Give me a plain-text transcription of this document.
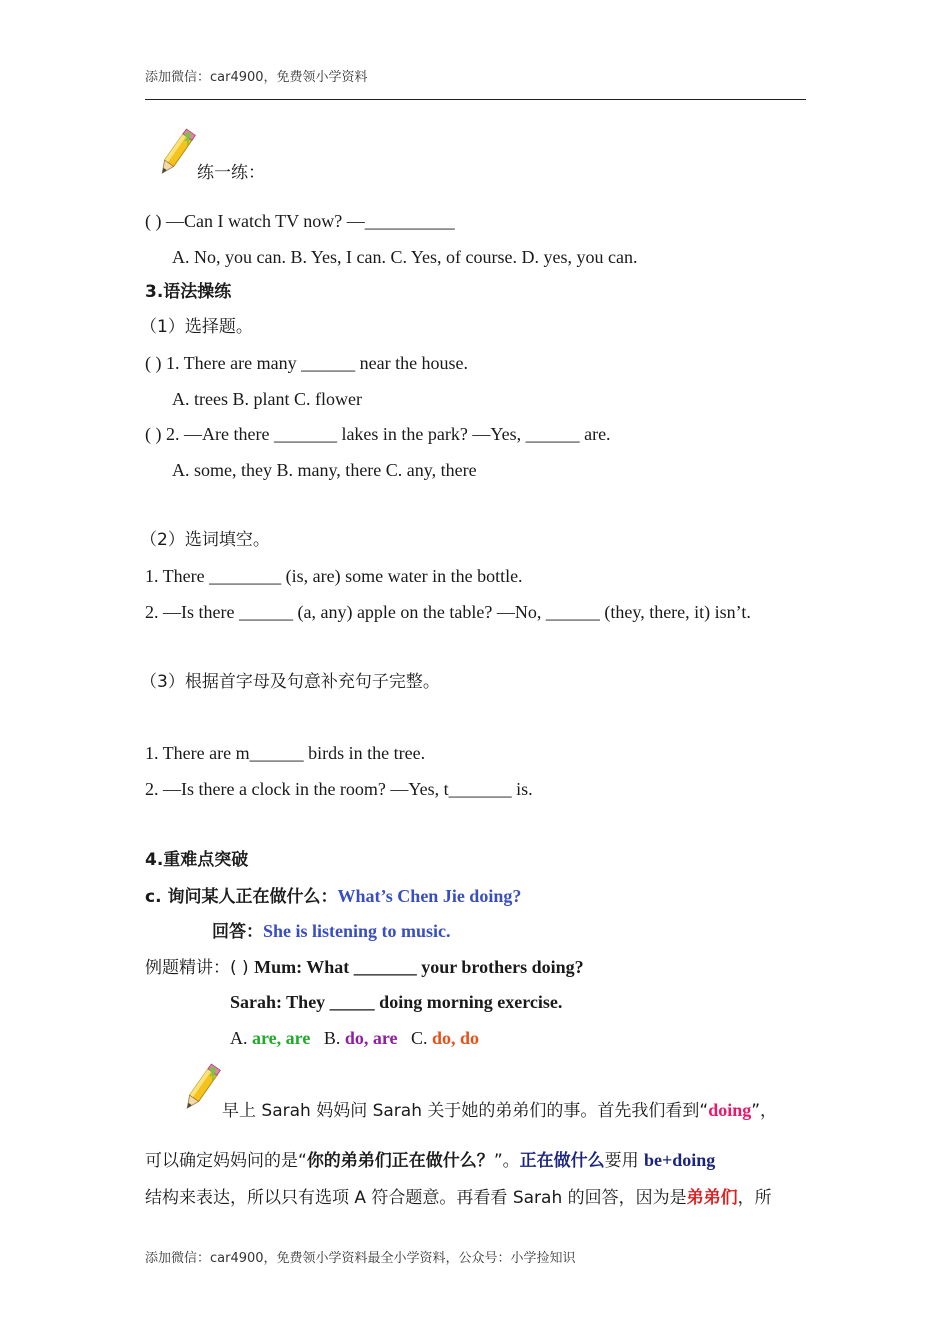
添加微信：car4900，免费领小学资料
练一练：
( ) —Can I watch TV now? —__________
A. No, you can. B. Yes, I can. C. Yes, of course. D. yes, you can.
3.语法操练
（1）选择题。
( ) 1. There are many ______ near the house.
A. trees B. plant C. flower
( ) 2. —Are there _______ lakes in the park? —Yes, ______ are.
A. some, they B. many, there C. any, there
（2）选词填空。
1. There ________ (is, are) some water in the bottle.
2. —Is there ______ (a, any) apple on the table? —No, ______ (they, there, it) isn’t.
（3）根据首字母及句意补充句子完整。
1. There are m______ birds in the tree.
2. —Is there a clock in the room? —Yes, t_______ is.
4.重难点突破
c. 询问某人正在做什么：What’s Chen Jie doing?
回答：She is listening to music.
例题精讲：( ) Mum: What _______ your brothers doing?
Sarah: They _____ doing morning exercise.
A. are, are   B. do, are   C. do, do
早上 Sarah 妈妈问 Sarah 关于她的弟弟们的事。首先我们看到“doing”，
可以确定妈妈问的是“你的弟弟们正在做什么？”。正在做什么要用 be+doing
结构来表达，所以只有选项 A 符合题意。再看看 Sarah 的回答，因为是弟弟们，所
添加微信：car4900，免费领小学资料最全小学资料，公众号：小学捡知识
